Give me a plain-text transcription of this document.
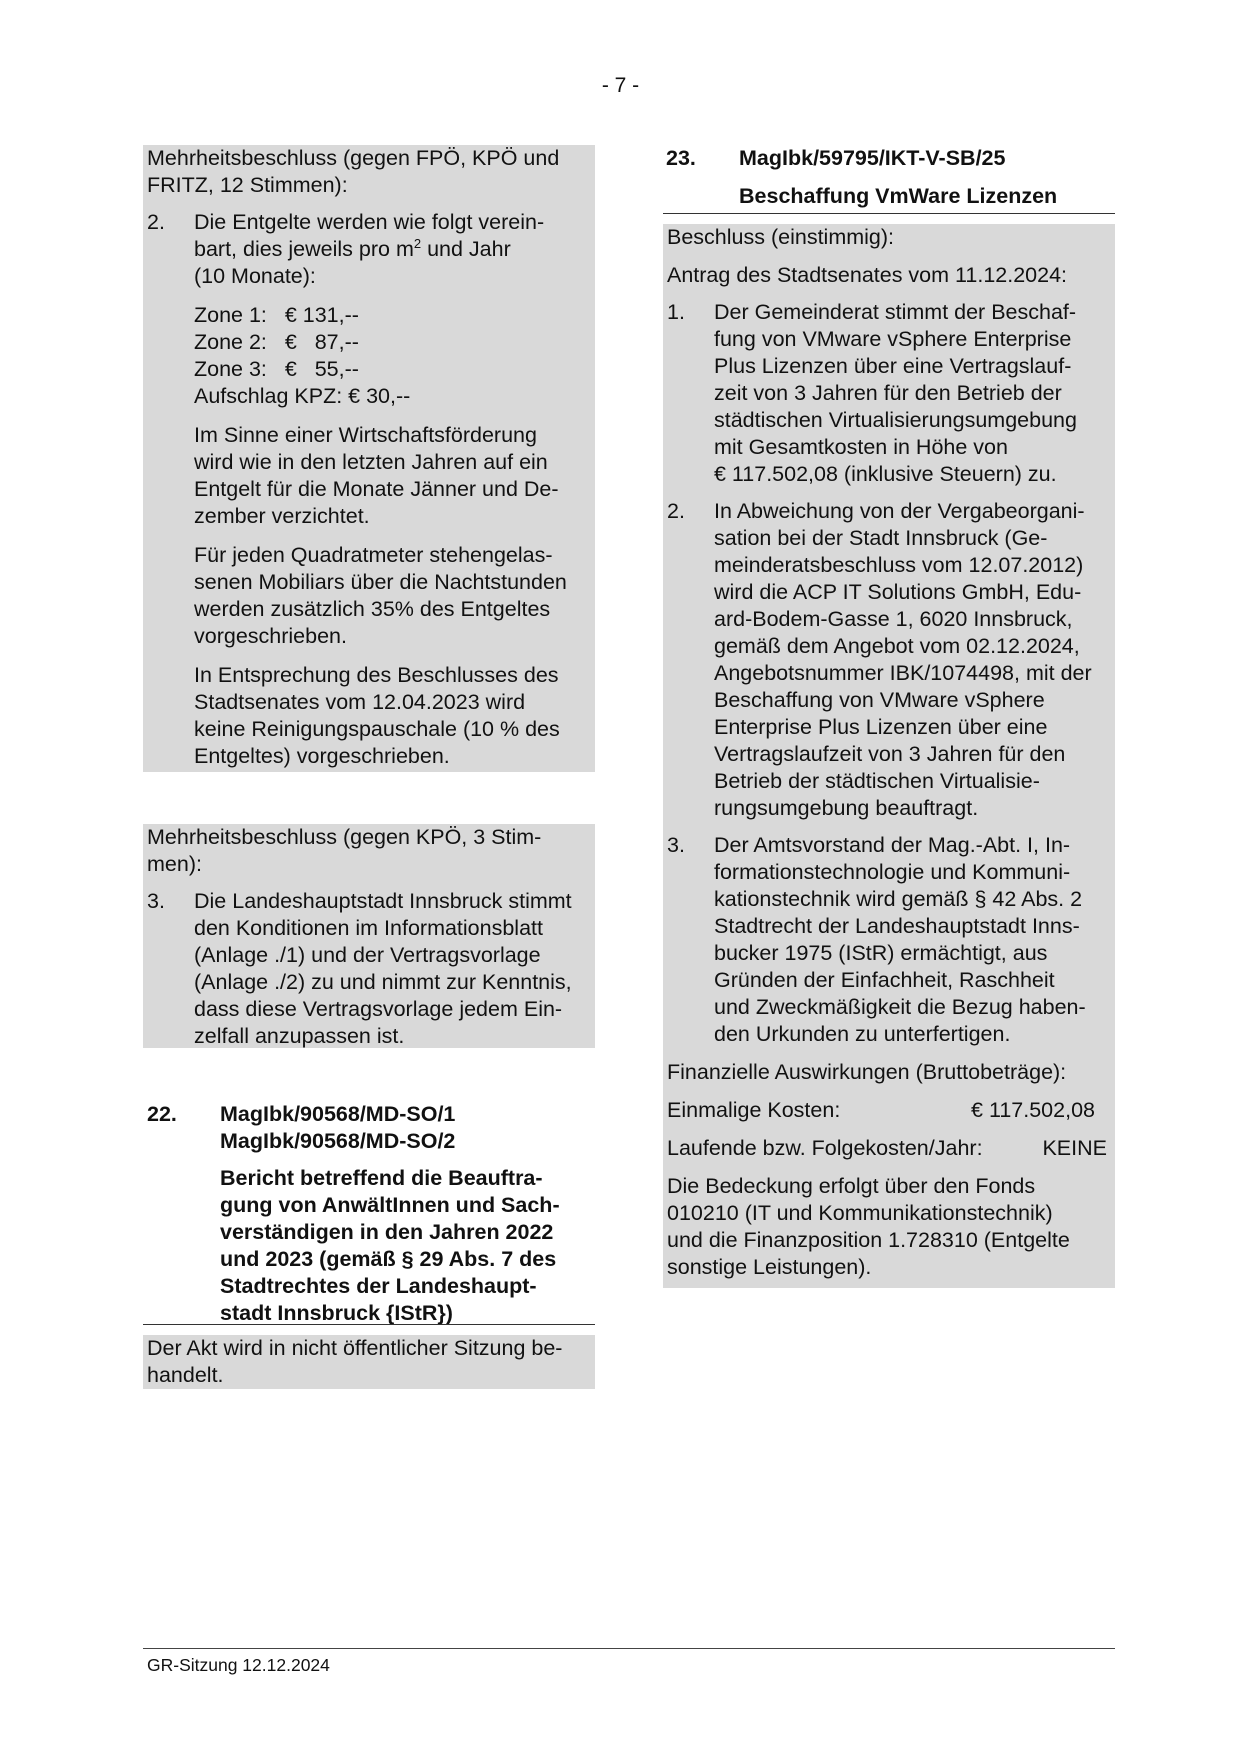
- 7 -
Mehrheitsbeschluss (gegen FPÖ, KPÖ und
FRITZ, 12 Stimmen):
2. Die Entgelte werden wie folgt verein-
bart, dies jeweils pro $m^2$ und Jahr
(10 Monate):
Zone 1:   € 131,--
Zone 2:   €   87,--
Zone 3:   €   55,--
Aufschlag KPZ: € 30,--
Im Sinne einer Wirtschaftsförderung
wird wie in den letzten Jahren auf ein
Entgelt für die Monate Jänner und De-
zember verzichtet.
Für jeden Quadratmeter stehengelas-
senen Mobiliars über die Nachtstunden
werden zusätzlich 35% des Entgeltes
vorgeschrieben.
In Entsprechung des Beschlusses des
Stadtsenates vom 12.04.2023 wird
keine Reinigungspauschale (10 % des
Entgeltes) vorgeschrieben.
Mehrheitsbeschluss (gegen KPÖ, 3 Stim-
men):
3. Die Landeshauptstadt Innsbruck stimmt
den Konditionen im Informationsblatt
(Anlage ./1) und der Vertragsvorlage
(Anlage ./2) zu und nimmt zur Kenntnis,
dass diese Vertragsvorlage jedem Ein-
zelfall anzupassen ist.
22. MagIbk/90568/MD-SO/1
MagIbk/90568/MD-SO/2
Bericht betreffend die Beauftra-
gung von AnwältInnen und Sach-
verständigen in den Jahren 2022
und 2023 (gemäß § 29 Abs. 7 des
Stadtrechtes der Landeshaupt-
stadt Innsbruck {IStR})
Der Akt wird in nicht öffentlicher Sitzung be-
handelt.
23. MagIbk/59795/IKT-V-SB/25
Beschaffung VmWare Lizenzen
Beschluss (einstimmig):
Antrag des Stadtsenates vom 11.12.2024:
1. Der Gemeinderat stimmt der Beschaf-
fung von VMware vSphere Enterprise
Plus Lizenzen über eine Vertragslauf-
zeit von 3 Jahren für den Betrieb der
städtischen Virtualisierungsumgebung
mit Gesamtkosten in Höhe von
€ 117.502,08 (inklusive Steuern) zu.
2. In Abweichung von der Vergabeorgani-
sation bei der Stadt Innsbruck (Ge-
meinderatsbeschluss vom 12.07.2012)
wird die ACP IT Solutions GmbH, Edu-
ard-Bodem-Gasse 1, 6020 Innsbruck,
gemäß dem Angebot vom 02.12.2024,
Angebotsnummer IBK/1074498, mit der
Beschaffung von VMware vSphere
Enterprise Plus Lizenzen über eine
Vertragslaufzeit von 3 Jahren für den
Betrieb der städtischen Virtualisie-
rungsumgebung beauftragt.
3. Der Amtsvorstand der Mag.-Abt. I, In-
formationstechnologie und Kommuni-
kationstechnik wird gemäß § 42 Abs. 2
Stadtrecht der Landeshauptstadt Inns-
bucker 1975 (IStR) ermächtigt, aus
Gründen der Einfachheit, Raschheit
und Zweckmäßigkeit die Bezug haben-
den Urkunden zu unterfertigen.
Finanzielle Auswirkungen (Bruttobeträge):
Einmalige Kosten:	€ 117.502,08
Laufende bzw. Folgekosten/Jahr:	KEINE
Die Bedeckung erfolgt über den Fonds
010210 (IT und Kommunikationstechnik)
und die Finanzposition 1.728310 (Entgelte
sonstige Leistungen).
GR-Sitzung 12.12.2024
